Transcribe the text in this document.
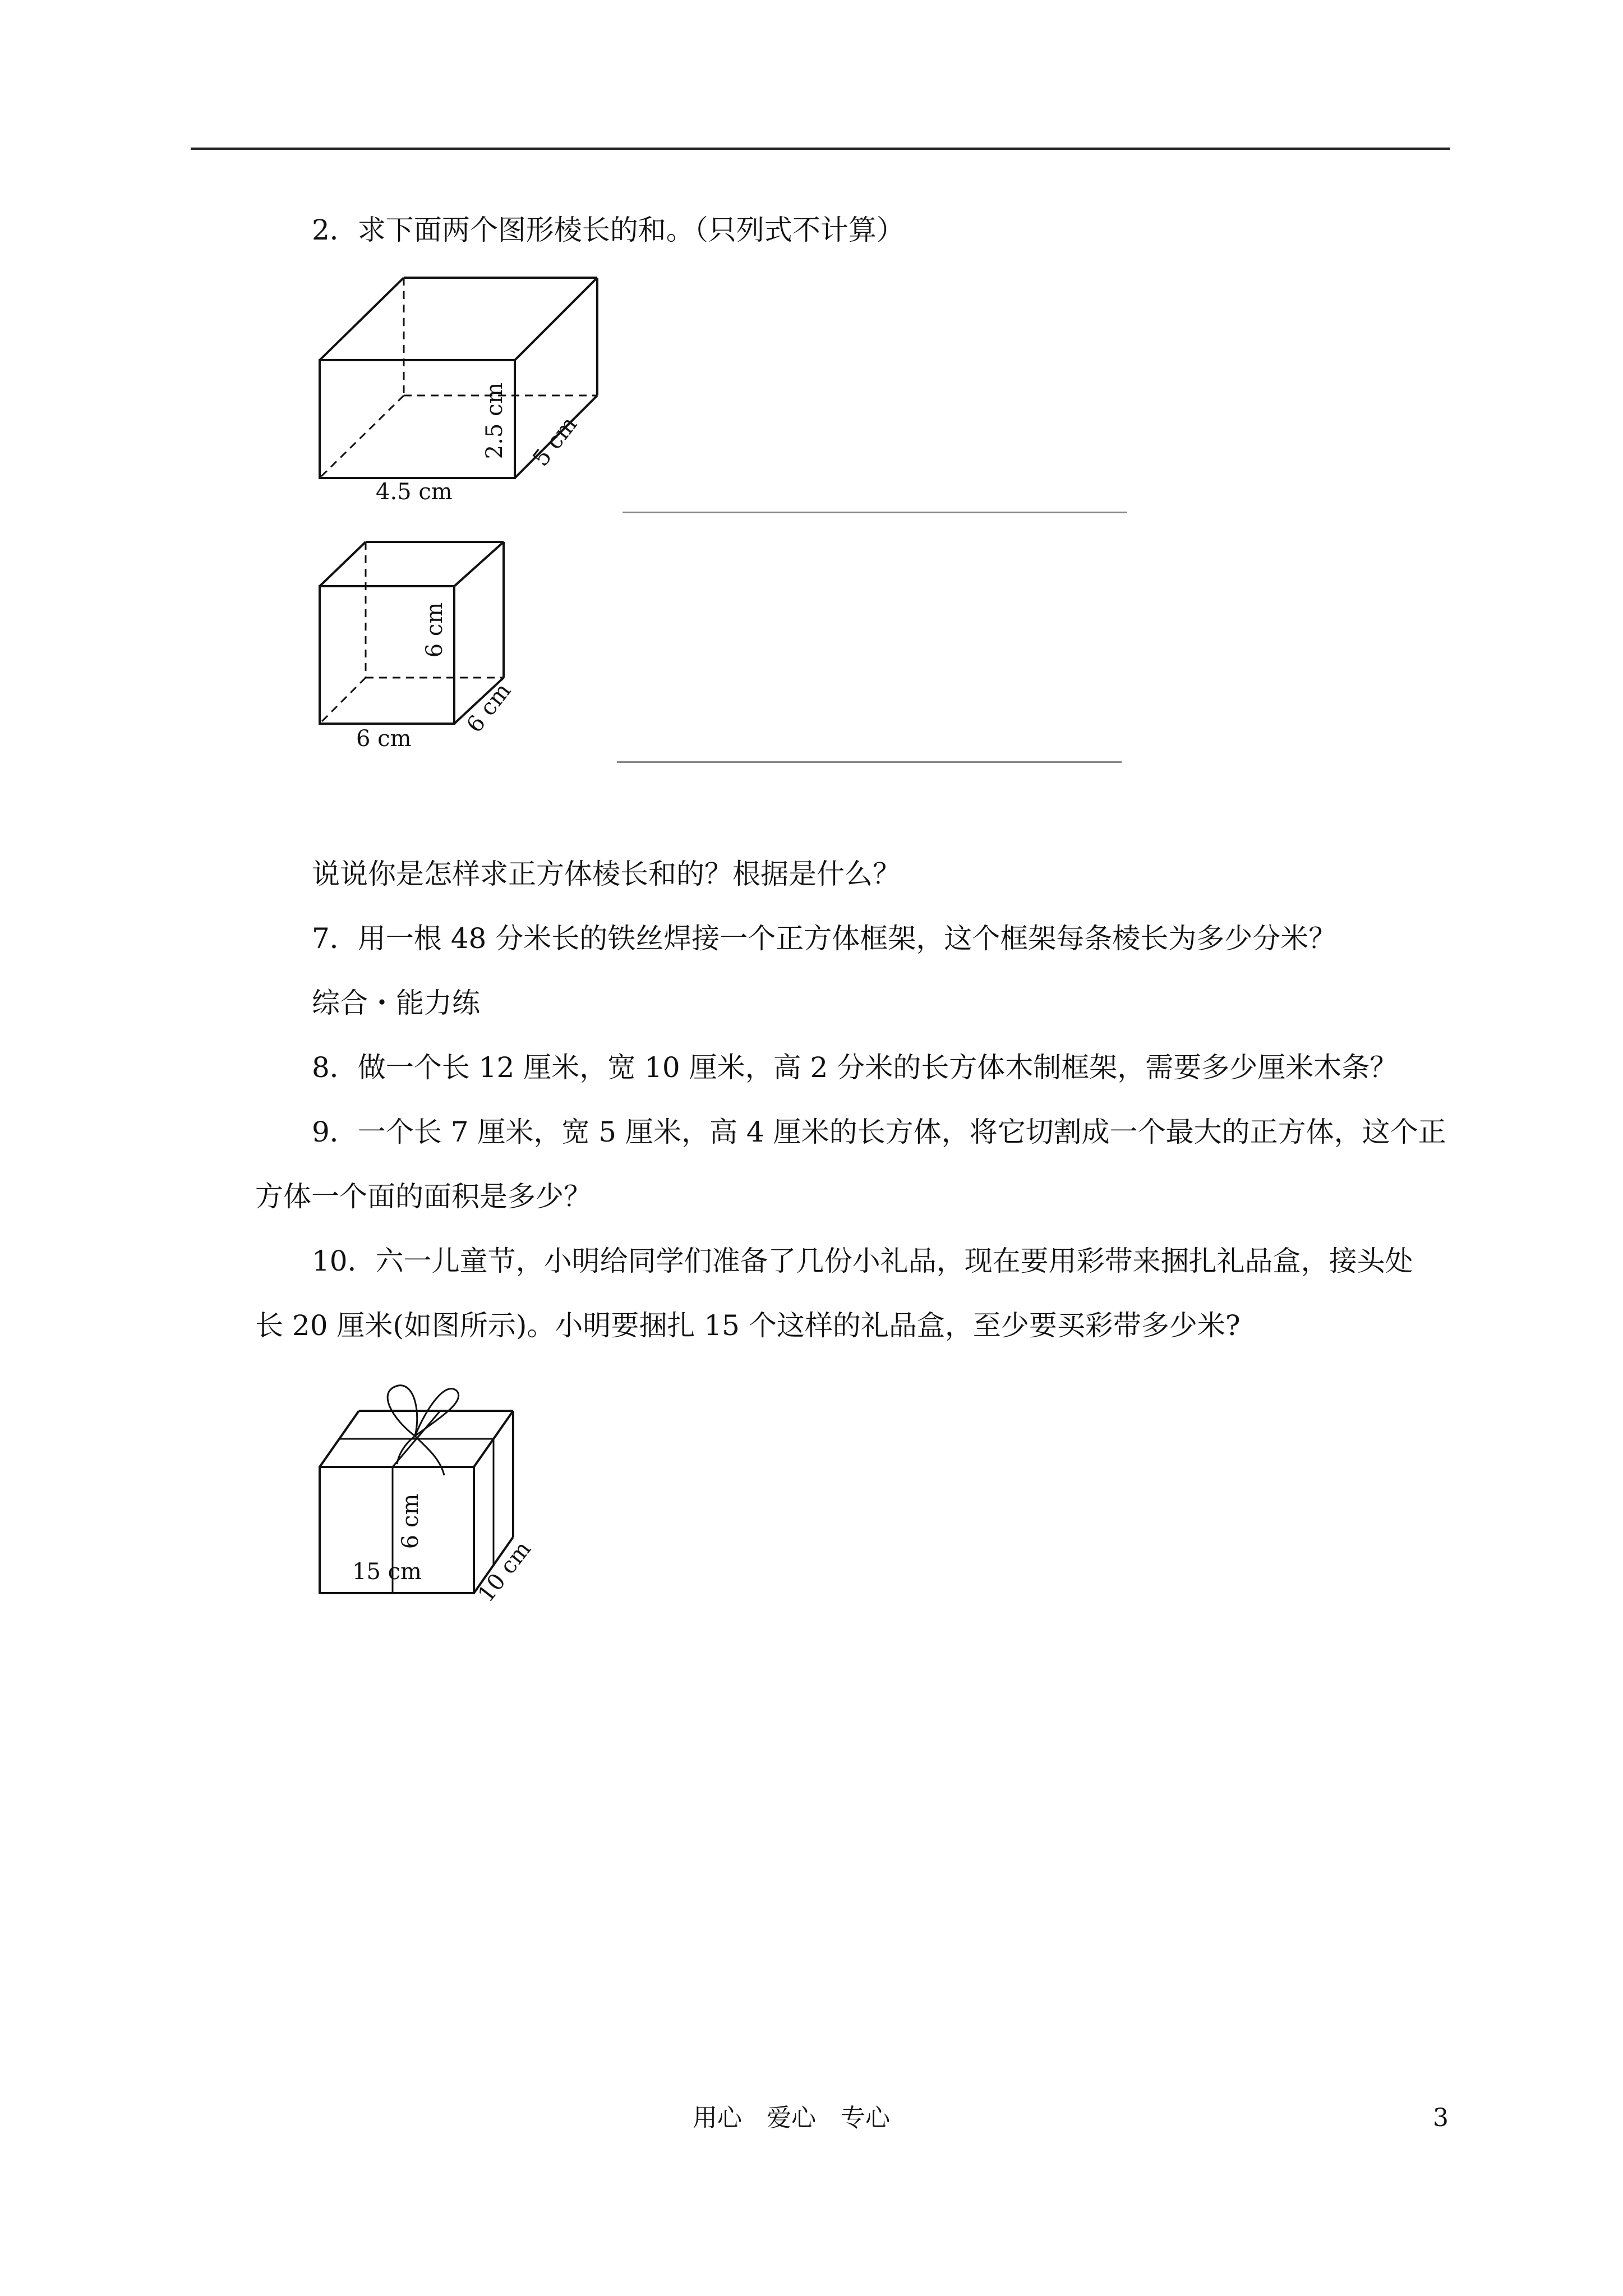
2．求下面两个图形棱长的和。（只列式不计算）
4.5 cm
2.5 cm 5 cm
6 cm
6 cm
6 cm
说说你是怎样求正方体棱长和的？根据是什么？
7．用一根 48 分米长的铁丝焊接一个正方体框架，这个框架每条棱长为多少分米？
综合・能力练
8．做一个长 12 厘米，宽 10 厘米，高 2 分米的长方体木制框架，需要多少厘米木条？
9．一个长 7 厘米，宽 5 厘米，高 4 厘米的长方体，将它切割成一个最大的正方体，这个正
方体一个面的面积是多少？
10．六一儿童节，小明给同学们准备了几份小礼品，现在要用彩带来捆扎礼品盒，接头处
长 20 厘米(如图所示)。小明要捆扎 15 个这样的礼品盒，至少要买彩带多少米?
6 cm
10 cm
15 cm
用心　爱心　专心	3
